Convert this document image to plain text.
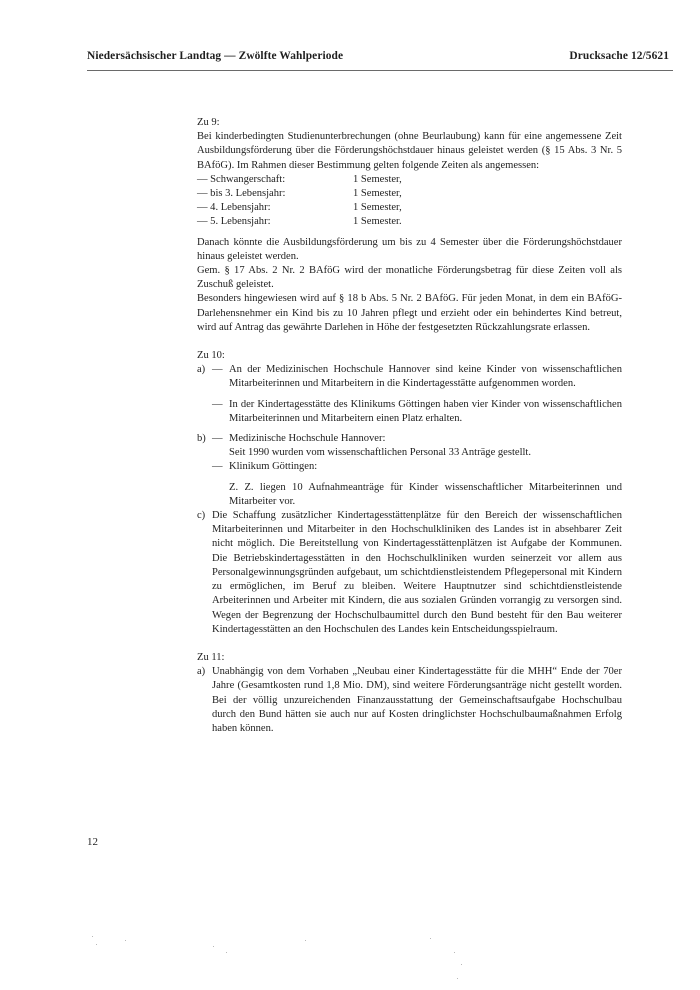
Niedersächsischer Landtag — Zwölfte Wahlperiode	Drucksache 12/5621

Zu 9:

Bei kinderbedingten Studienunterbrechungen (ohne Beurlaubung) kann für eine angemessene Zeit Ausbildungsförderung über die Förderungshöchstdauer hinaus geleistet werden (§ 15 Abs. 3 Nr. 5 BAföG). Im Rahmen dieser Bestimmung gelten folgende Zeiten als angemessen:

— Schwangerschaft:	1 Semester,
— bis 3. Lebensjahr:	1 Semester,
— 4. Lebensjahr:	1 Semester,
— 5. Lebensjahr:	1 Semester.

Danach könnte die Ausbildungsförderung um bis zu 4 Semester über die Förderungshöchstdauer hinaus geleistet werden.

Gem. § 17 Abs. 2 Nr. 2 BAföG wird der monatliche Förderungsbetrag für diese Zeiten voll als Zuschuß geleistet.

Besonders hingewiesen wird auf § 18 b Abs. 5 Nr. 2 BAföG. Für jeden Monat, in dem ein BAföG-Darlehensnehmer ein Kind bis zu 10 Jahren pflegt und erzieht oder ein behindertes Kind betreut, wird auf Antrag das gewährte Darlehen in Höhe der festgesetzten Rückzahlungsrate erlassen.

Zu 10:

a) — An der Medizinischen Hochschule Hannover sind keine Kinder von wissenschaftlichen Mitarbeiterinnen und Mitarbeitern in die Kindertagesstätte aufgenommen worden.
— In der Kindertagesstätte des Klinikums Göttingen haben vier Kinder von wissenschaftlichen Mitarbeiterinnen und Mitarbeitern einen Platz erhalten.
b) — Medizinische Hochschule Hannover:

Seit 1990 wurden vom wissenschaftlichen Personal 33 Anträge gestellt.

— Klinikum Göttingen:

Z. Z. liegen 10 Aufnahmeanträge für Kinder wissenschaftlicher Mitarbeiterinnen und Mitarbeiter vor.

c) Die Schaffung zusätzlicher Kindertagesstättenplätze für den Bereich der wissenschaftlichen Mitarbeiterinnen und Mitarbeiter in den Hochschulkliniken des Landes ist in absehbarer Zeit nicht möglich. Die Bereitstellung von Kindertagesstättenplätzen ist Aufgabe der Kommunen. Die Betriebskindertagesstätten in den Hochschulkliniken wurden seinerzeit vor allem aus Personalgewinnungsgründen aufgebaut, um schichtdienstleistendem Pflegepersonal mit Kindern zu ermöglichen, im Beruf zu bleiben. Weitere Hauptnutzer sind schichtdienstleistende Arbeiterinnen und Arbeiter mit Kindern, die aus sozialen Gründen vorrangig zu versorgen sind. Wegen der Begrenzung der Hochschulbaumittel durch den Bund besteht für den Bau weiterer Kindertagesstätten an den Hochschulen des Landes kein Entscheidungsspielraum.

Zu 11:

a) Unabhängig von dem Vorhaben „Neubau einer Kindertagesstätte für die MHH“ Ende der 70er Jahre (Gesamtkosten rund 1,8 Mio. DM), sind weitere Förderungsanträge nicht gestellt worden. Bei der völlig unzureichenden Finanzausstattung der Gemeinschaftsaufgabe Hochschulbau durch den Bund hätten sie auch nur auf Kosten dringlichster Hochschulbaumaßnahmen Erfolg haben können.
12
